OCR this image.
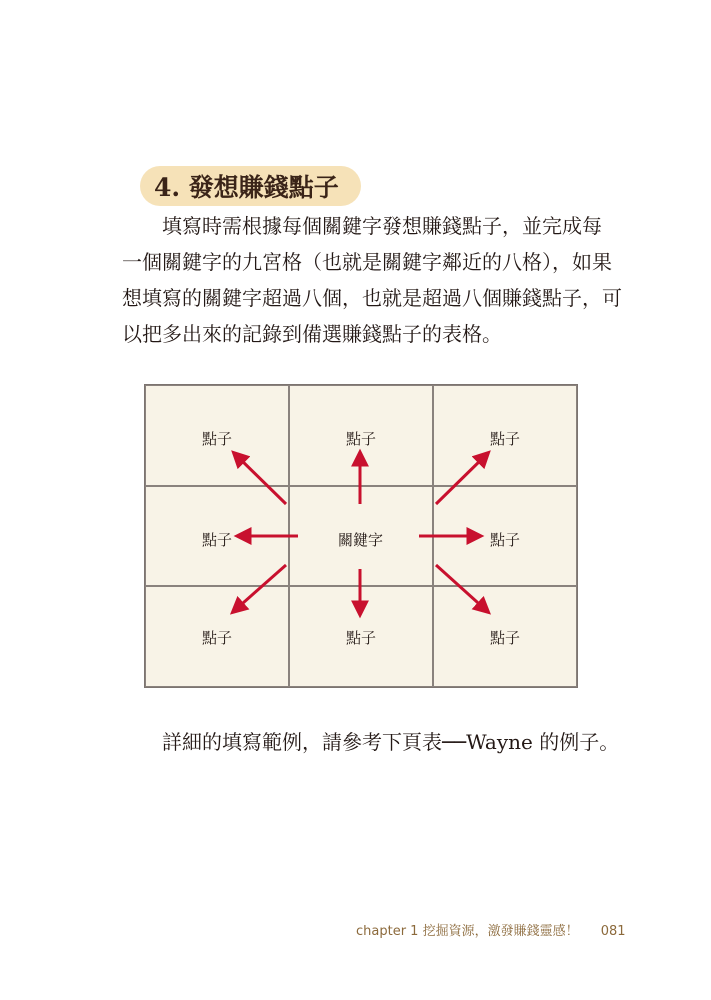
4. 發想賺錢點子

填寫時需根據每個關鍵字發想賺錢點子，並完成每
一個關鍵字的九宮格（也就是關鍵字鄰近的八格），如果
想填寫的關鍵字超過八個，也就是超過八個賺錢點子，可
以把多出來的記錄到備選賺錢點子的表格。

點子	點子	點子
點子	關鍵字	點子
點子	點子	點子

詳細的填寫範例，請參考下頁表──Wayne 的例子。

chapter 1 挖掘資源，激發賺錢靈感！ 081
